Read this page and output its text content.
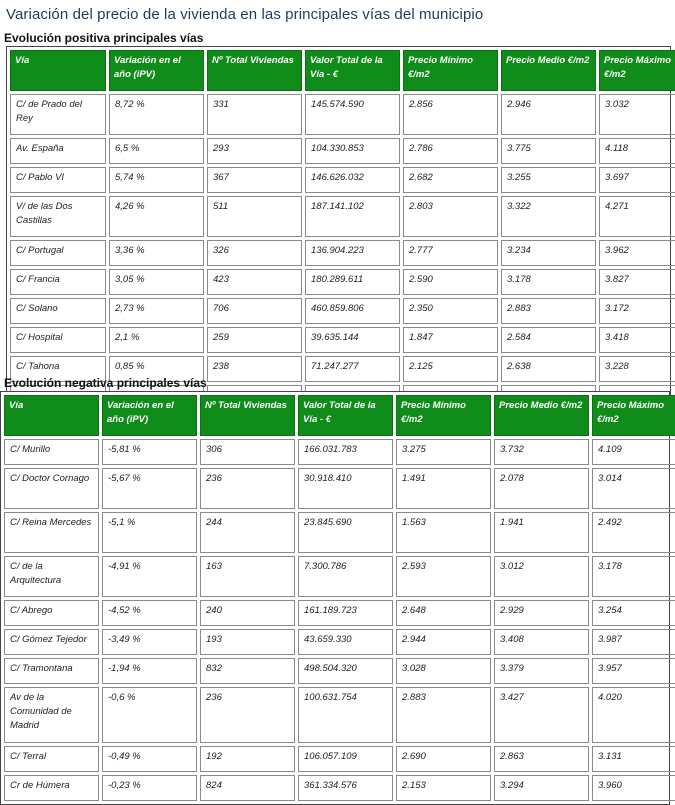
Variación del precio de la vivienda en las principales vías del municipio
Evolución positiva principales vías
Vía	Variación en el año (iPV)	Nº Total Viviendas	Valor Total de la Vía - €	Precio Mínimo €/m2	Precio Medio €/m2	Precio Máximo €/m2
C/ de Prado del Rey	8,72 %	331	145.574.590	2.856	2.946	3.032
Av. España	6,5 %	293	104.330.853	2.786	3.775	4.118
C/ Pablo VI	5,74 %	367	146.626.032	2.682	3.255	3.697
V/ de las Dos Castillas	4,26 %	511	187.141.102	2.803	3.322	4.271
C/ Portugal	3,36 %	326	136.904.223	2.777	3.234	3.962
C/ Francia	3,05 %	423	180.289.611	2.590	3.178	3.827
C/ Solano	2,73 %	706	460.859.806	2.350	2.883	3.172
C/ Hospital	2,1 %	259	39.635.144	1.847	2.584	3.418
C/ Tahona	0,85 %	238	71.247.277	2.125	2.638	3.228

Evolución negativa principales vías
Vía	Variación en el año (iPV)	Nº Total Viviendas	Valor Total de la Vía - €	Precio Mínimo €/m2	Precio Medio €/m2	Precio Máximo €/m2
C/ Murillo	-5,81 %	306	166.031.783	3.275	3.732	4.109
C/ Doctor Cornago	-5,67 %	236	30.918.410	1.491	2.078	3.014
C/ Reina Mercedes	-5,1 %	244	23.845.690	1.563	1.941	2.492
C/ de la Arquitectura	-4,91 %	163	7.300.786	2.593	3.012	3.178
C/ Abrego	-4,52 %	240	161.189.723	2.648	2.929	3.254
C/ Gómez Tejedor	-3,49 %	193	43.659.330	2.944	3.408	3.987
C/ Tramontana	-1,94 %	832	498.504.320	3.028	3.379	3.957
Av de la Comunidad de Madrid	-0,6 %	236	100.631.754	2.883	3.427	4.020
C/ Terral	-0,49 %	192	106.057.109	2.690	2.863	3.131
Cr de Húmera	-0,23 %	824	361.334.576	2.153	3.294	3.960
